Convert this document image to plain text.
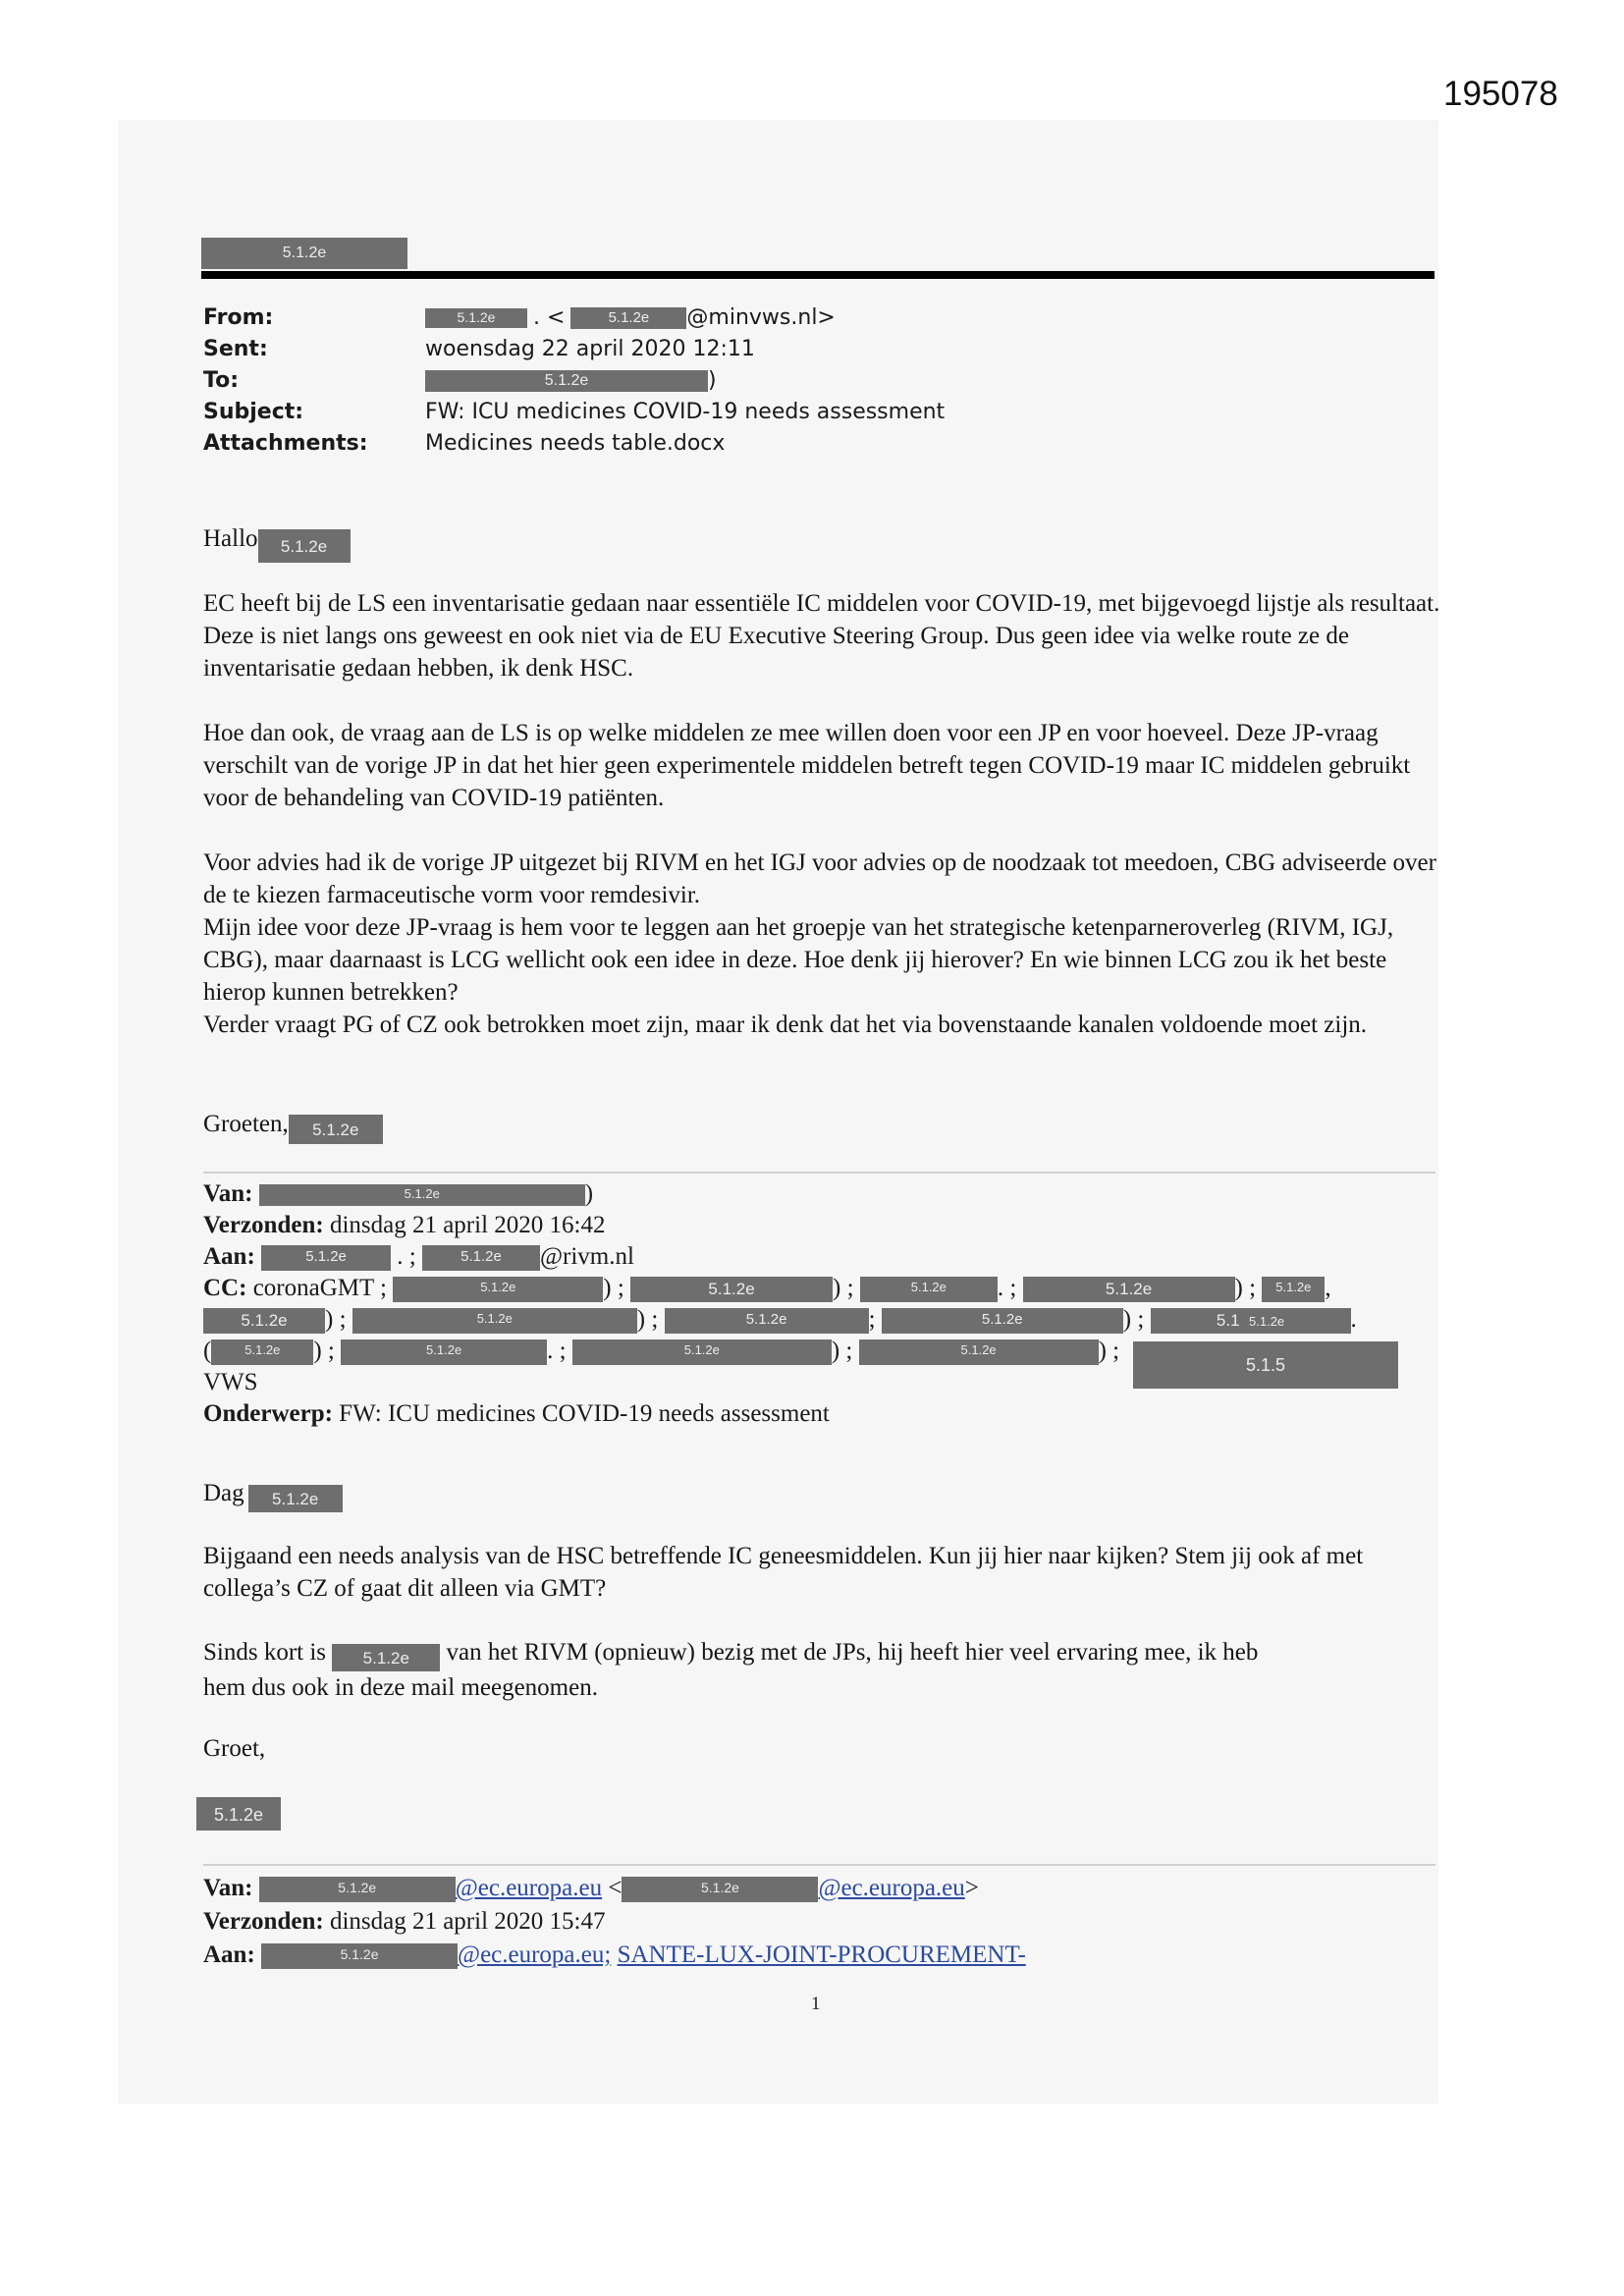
195078
5.1.2e
From:	5.1.2e	. <	5.1.2e	@minvws.nl>
Sent:	woensdag 22 april 2020 12:11
To:	5.1.2e	)
Subject:	FW: ICU medicines COVID-19 needs assessment
Attachments:	Medicines needs table.docx
Hallo 5.1.2e
EC heeft bij de LS een inventarisatie gedaan naar essentiële IC middelen voor COVID-19, met bijgevoegd lijstje als resultaat. Deze is niet langs ons geweest en ook niet via de EU Executive Steering Group. Dus geen idee via welke route ze de inventarisatie gedaan hebben, ik denk HSC.
Hoe dan ook, de vraag aan de LS is op welke middelen ze mee willen doen voor een JP en voor hoeveel. Deze JP-vraag verschilt van de vorige JP in dat het hier geen experimentele middelen betreft tegen COVID-19 maar IC middelen gebruikt voor de behandeling van COVID-19 patiënten.
Voor advies had ik de vorige JP uitgezet bij RIVM en het IGJ voor advies op de noodzaak tot meedoen, CBG adviseerde over de te kiezen farmaceutische vorm voor remdesivir.
Mijn idee voor deze JP-vraag is hem voor te leggen aan het groepje van het strategische ketenparneroverleg (RIVM, IGJ, CBG), maar daarnaast is LCG wellicht ook een idee in deze. Hoe denk jij hierover? En wie binnen LCG zou ik het beste hierop kunnen betrekken?
Verder vraagt PG of CZ ook betrokken moet zijn, maar ik denk dat het via bovenstaande kanalen voldoende moet zijn.
Groeten, 5.1.2e
Van:	5.1.2e	)
Verzonden: dinsdag 21 april 2020 16:42
Aan:	5.1.2e . ;	5.1.2e @rivm.nl
CC: coronaGMT ;	5.1.2e	) ;	5.1.2e	) ;	5.1.2e . ;	5.1.2e	) ; 5.1.2e ,
5.1.2e ) ;	5.1.2e	) ;	5.1.2e	;	5.1.2e	) ;	5.1 5.1.2e	.
(	5.1.2e ) ;	5.1.2e	. ;	5.1.2e	) ;	5.1.2e	) ;
VWS
Onderwerp: FW: ICU medicines COVID-19 needs assessment
5.1.5
Dag 5.1.2e
Bijgaand een needs analysis van de HSC betreffende IC geneesmiddelen. Kun jij hier naar kijken? Stem jij ook af met collega’s CZ of gaat dit alleen via GMT?
Sinds kort is 5.1.2e van het RIVM (opnieuw) bezig met de JPs, hij heeft hier veel ervaring mee, ik heb
hem dus ook in deze mail meegenomen.
Groet,
5.1.2e
Van:	5.1.2e	@ec.europa.eu <	5.1.2e	@ec.europa.eu>
Verzonden: dinsdag 21 april 2020 15:47
Aan:	5.1.2e	@ec.europa.eu; SANTE-LUX-JOINT-PROCUREMENT-
1
